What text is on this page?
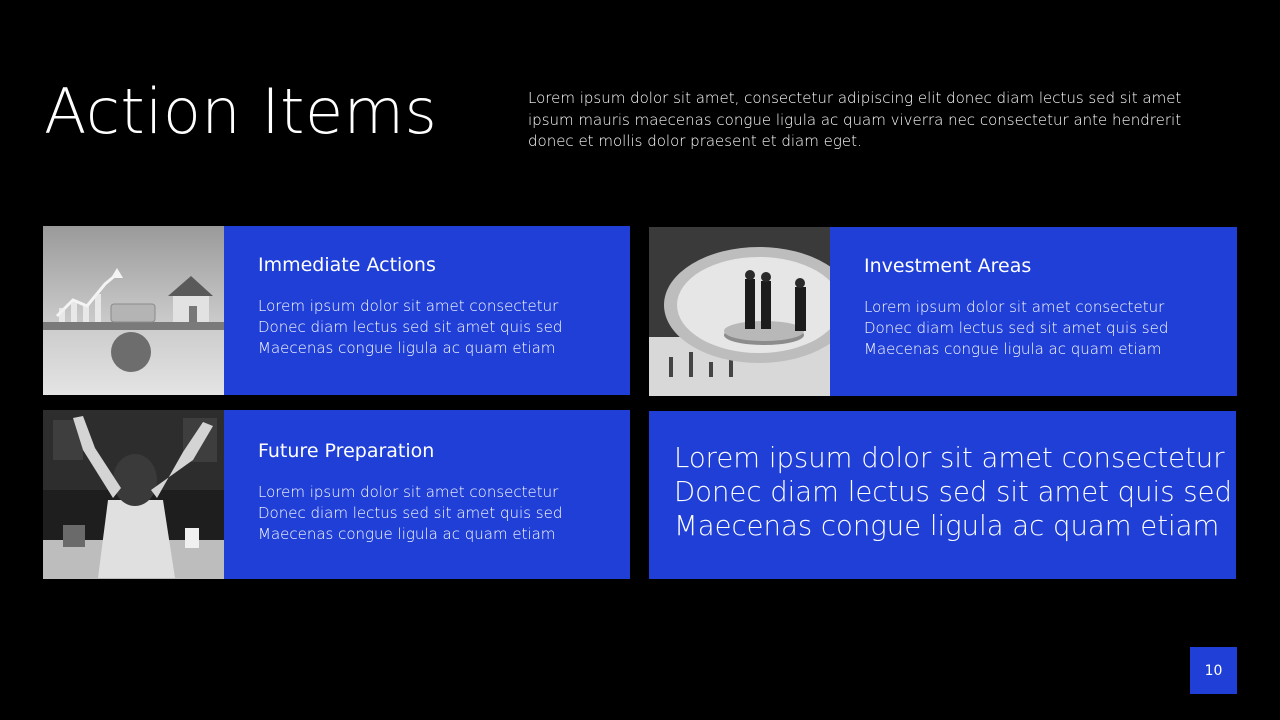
Action Items	Lorem ipsum dolor sit amet, consectetur adipiscing elit donec diam lectus sed sit amet ipsum mauris maecenas congue ligula ac quam viverra nec consectetur ante hendrerit donec et mollis dolor praesent et diam eget.
Immediate Actions
Lorem ipsum dolor sit amet consectetur
Donec diam lectus sed sit amet quis sed
Maecenas congue ligula ac quam etiam
Investment Areas
Lorem ipsum dolor sit amet consectetur
Donec diam lectus sed sit amet quis sed
Maecenas congue ligula ac quam etiam
Future Preparation
Lorem ipsum dolor sit amet consectetur
Donec diam lectus sed sit amet quis sed
Maecenas congue ligula ac quam etiam
Lorem ipsum dolor sit amet consectetur
Donec diam lectus sed sit amet quis sed
Maecenas congue ligula ac quam etiam
10
